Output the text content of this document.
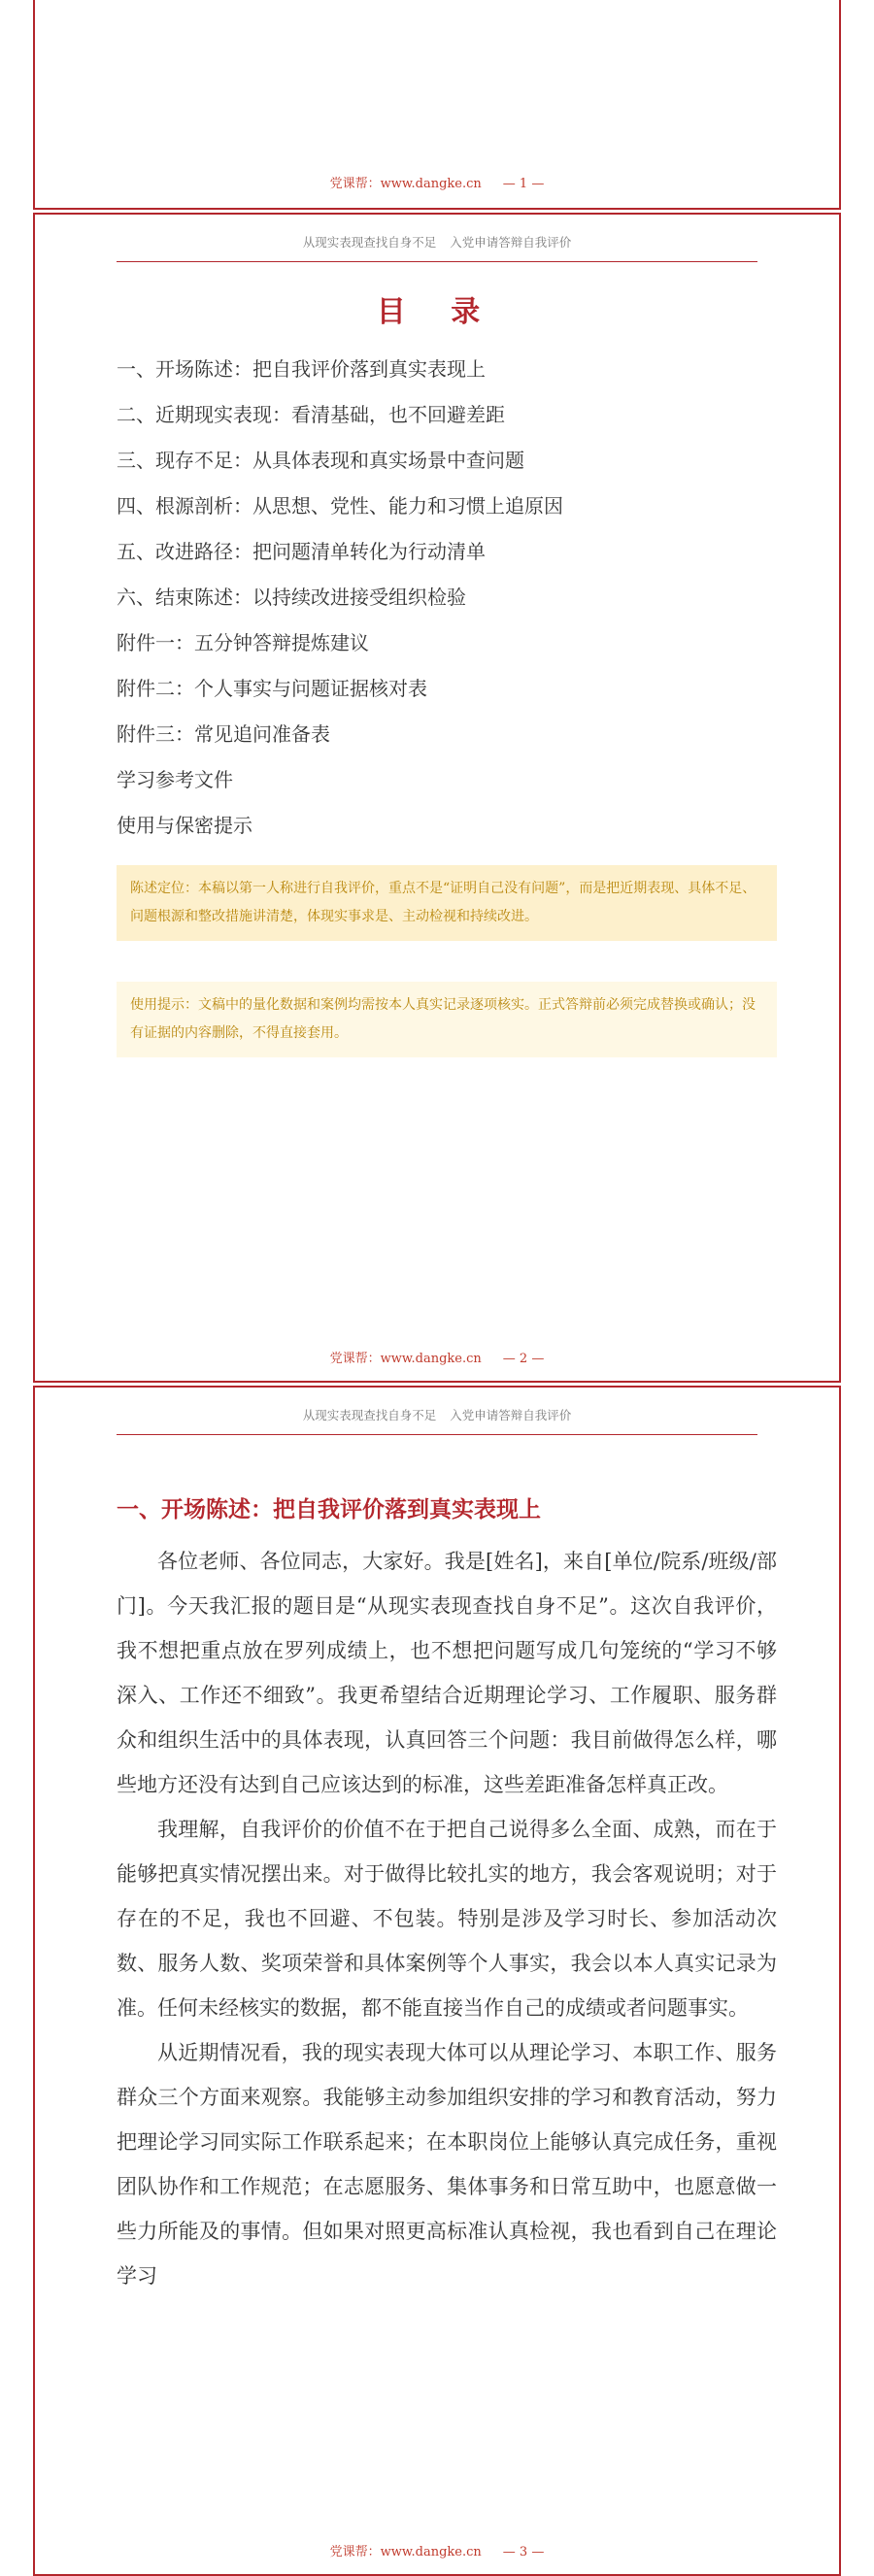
党课帮：www.dangke.cn — 1 —
从现实表现查找自身不足 入党申请答辩自我评价
目 录
一、开场陈述：把自我评价落到真实表现上
二、近期现实表现：看清基础，也不回避差距
三、现存不足：从具体表现和真实场景中查问题
四、根源剖析：从思想、党性、能力和习惯上追原因
五、改进路径：把问题清单转化为行动清单
六、结束陈述：以持续改进接受组织检验
附件一：五分钟答辩提炼建议
附件二：个人事实与问题证据核对表
附件三：常见追问准备表
学习参考文件
使用与保密提示
陈述定位：本稿以第一人称进行自我评价，重点不是“证明自己没有问题”，而是把近期表现、具体不足、问题根源和整改措施讲清楚，体现实事求是、主动检视和持续改进。
使用提示：文稿中的量化数据和案例均需按本人真实记录逐项核实。正式答辩前必须完成替换或确认；没有证据的内容删除，不得直接套用。
党课帮：www.dangke.cn — 2 —
从现实表现查找自身不足 入党申请答辩自我评价
一、开场陈述：把自我评价落到真实表现上

各位老师、各位同志，大家好。我是[姓名]，来自[单位/院系/班级/部门]。今天我汇报的题目是“从现实表现查找自身不足”。这次自我评价，我不想把重点放在罗列成绩上，也不想把问题写成几句笼统的“学习不够深入、工作还不细致”。我更希望结合近期理论学习、工作履职、服务群众和组织生活中的具体表现，认真回答三个问题：我目前做得怎么样，哪些地方还没有达到自己应该达到的标准，这些差距准备怎样真正改。

我理解，自我评价的价值不在于把自己说得多么全面、成熟，而在于能够把真实情况摆出来。对于做得比较扎实的地方，我会客观说明；对于存在的不足，我也不回避、不包装。特别是涉及学习时长、参加活动次数、服务人数、奖项荣誉和具体案例等个人事实，我会以本人真实记录为准。任何未经核实的数据，都不能直接当作自己的成绩或者问题事实。

从近期情况看，我的现实表现大体可以从理论学习、本职工作、服务群众三个方面来观察。我能够主动参加组织安排的学习和教育活动，努力把理论学习同实际工作联系起来；在本职岗位上能够认真完成任务，重视团队协作和工作规范；在志愿服务、集体事务和日常互助中，也愿意做一些力所能及的事情。但如果对照更高标准认真检视，我也看到自己在理论学习

党课帮：www.dangke.cn — 3 —
